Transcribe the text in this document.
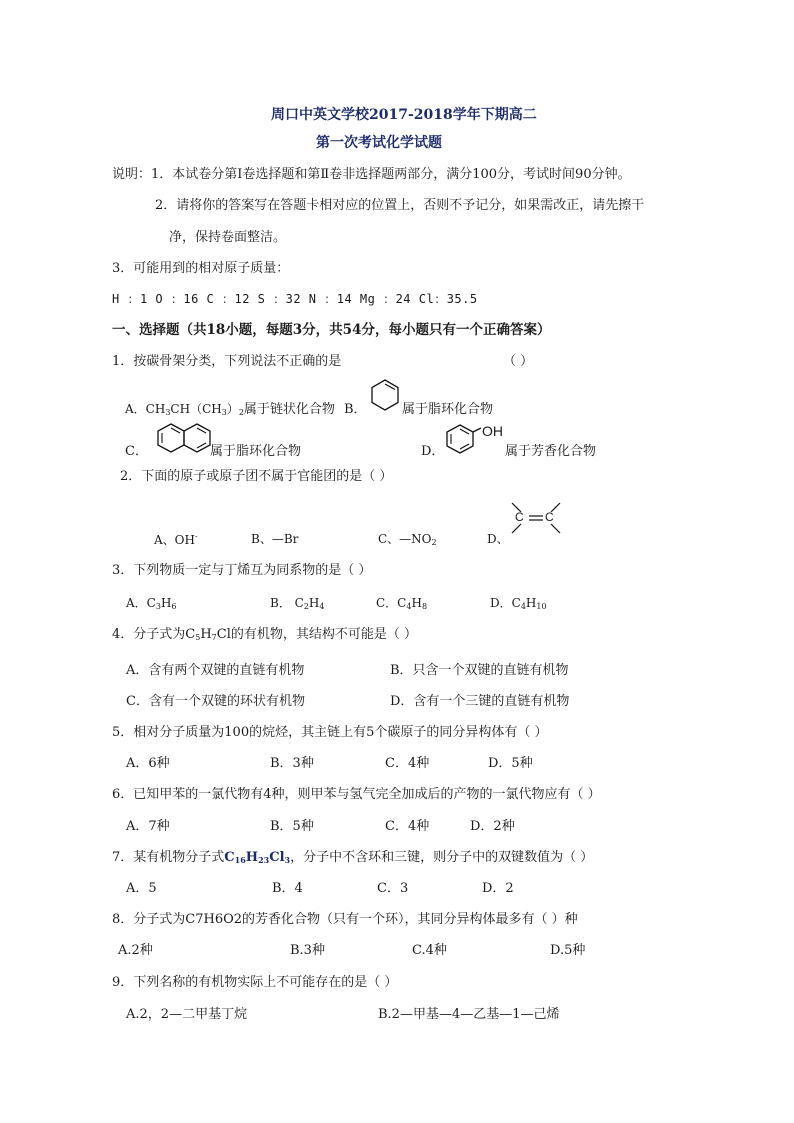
周口中英文学校2017-2018学年下期高二
第一次考试化学试题
说明：1．本试卷分第Ⅰ卷选择题和第Ⅱ卷非选择题两部分，满分100分，考试时间90分钟。
2．请将你的答案写在答题卡相对应的位置上，否则不予记分，如果需改正，请先擦干
净，保持卷面整洁。
3．可能用到的相对原子质量：
H ：1 O ：16 C ：12 S ：32 N ：14 Mg ：24 Cl：35.5
一、选择题（共18小题，每题3分，共54分，每小题只有一个正确答案）
1．按碳骨架分类，下列说法不正确的是	（ ）
A．$CH_3CH(CH_3)_2$属于链状化合物 B．	属于脂环化合物
C．	属于脂环化合物	D．
OH
属于芳香化合物
2．下面的原子或原子团不属于官能团的是（ ）
A、OH-	B、—Br	C、$—NO_2$	D、
C C
3．下列物质一定与丁烯互为同系物的是（ ）
A．$C_3H_6$	B． $C_2H_4$	C．$C_4H_8$	D．$C_4H_{10}$
4．分子式为$C_5H_7Cl$的有机物，其结构不可能是（ ）
A．含有两个双键的直链有机物	B．只含一个双键的直链有机物
C．含有一个双键的环状有机物	D．含有一个三键的直链有机物
5．相对分子质量为100的烷烃，其主链上有5个碳原子的同分异构体有（ ）
A．6种	B．3种	C．4种	D．5种
6．已知甲苯的一氯代物有4种，则甲苯与氢气完全加成后的产物的一氯代物应有（ ）
A．7种	B．5种	C．4种	D．2种
7．某有机物分子式$C_{16}H_{23}Cl_3$，分子中不含环和三键，则分子中的双键数值为（ ）
A．5	B．4	C．3	D．2
8．分子式为C7H6O2的芳香化合物（只有一个环），其同分异构体最多有（ ）种
A.2种	B.3种	C.4种	D.5种
9．下列名称的有机物实际上不可能存在的是（ ）
A.2，2—二甲基丁烷	B.2—甲基—4—乙基—1—己烯
